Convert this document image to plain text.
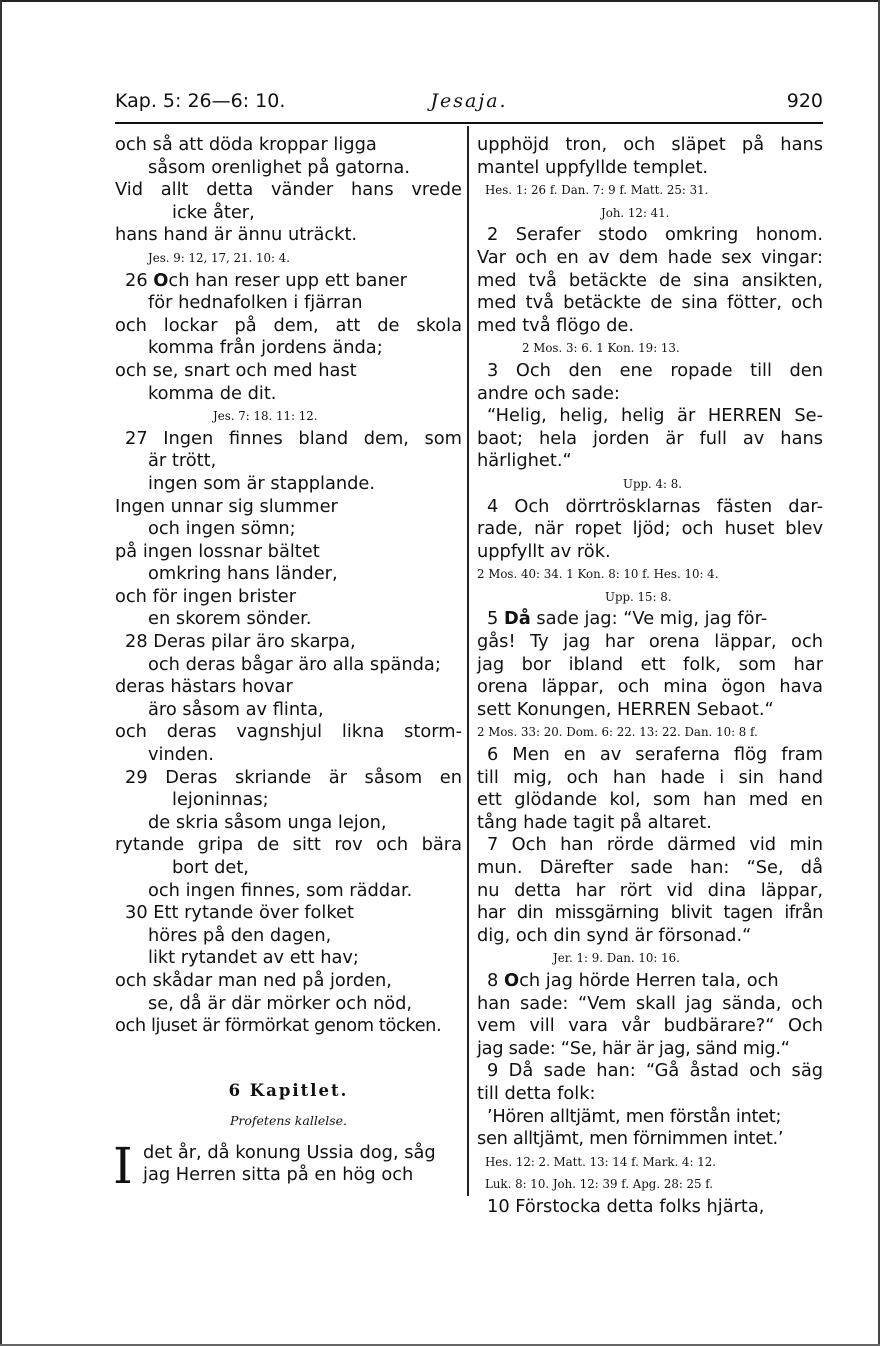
Kap. 5: 26—6: 10.	Jesaja.	920
och så att döda kroppar ligga
såsom orenlighet på gatorna.
Vid allt detta vänder hans vrede
icke åter,
hans hand är ännu uträckt.
Jes. 9: 12, 17, 21. 10: 4.
26 Och han reser upp ett baner
för hednafolken i fjärran
och lockar på dem, att de skola
komma från jordens ända;
och se, snart och med hast
komma de dit.
Jes. 7: 18. 11: 12.
27 Ingen finnes bland dem, som
är trött,
ingen som är stapplande.
Ingen unnar sig slummer
och ingen sömn;
på ingen lossnar bältet
omkring hans länder,
och för ingen brister
en skorem sönder.
28 Deras pilar äro skarpa,
och deras bågar äro alla spända;
deras hästars hovar
äro såsom av flinta,
och deras vagnshjul likna storm-
vinden.
29 Deras skriande är såsom en
lejoninnas;
de skria såsom unga lejon,
rytande gripa de sitt rov och bära
bort det,
och ingen finnes, som räddar.
30 Ett rytande över folket
höres på den dagen,
likt rytandet av ett hav;
och skådar man ned på jorden,
se, då är där mörker och nöd,
och ljuset är förmörkat genom töcken.
6 Kapitlet.
Profetens kallelse.
I det år, då konung Ussia dog, såg
jag Herren sitta på en hög och
upphöjd tron, och släpet på hans
mantel uppfyllde templet.
Hes. 1: 26 f. Dan. 7: 9 f. Matt. 25: 31.
Joh. 12: 41.
2 Serafer stodo omkring honom.
Var och en av dem hade sex vingar:
med två betäckte de sina ansikten,
med två betäckte de sina fötter, och
med två flögo de.
2 Mos. 3: 6. 1 Kon. 19: 13.
3 Och den ene ropade till den
andre och sade:
“Helig, helig, helig är HERREN Se-
baot; hela jorden är full av hans
härlighet.“
Upp. 4: 8.
4 Och dörrtrösklarnas fästen dar-
rade, när ropet ljöd; och huset blev
uppfyllt av rök.
2 Mos. 40: 34. 1 Kon. 8: 10 f. Hes. 10: 4.
Upp. 15: 8.
5 Då sade jag: “Ve mig, jag för-
gås! Ty jag har orena läppar, och
jag bor ibland ett folk, som har
orena läppar, och mina ögon hava
sett Konungen, HERREN Sebaot.“
2 Mos. 33: 20. Dom. 6: 22. 13: 22. Dan. 10: 8 f.
6 Men en av seraferna flög fram
till mig, och han hade i sin hand
ett glödande kol, som han med en
tång hade tagit på altaret.
7 Och han rörde därmed vid min
mun. Därefter sade han: “Se, då
nu detta har rört vid dina läppar,
har din missgärning blivit tagen ifrån
dig, och din synd är försonad.“
Jer. 1: 9. Dan. 10: 16.
8 Och jag hörde Herren tala, och
han sade: “Vem skall jag sända, och
vem vill vara vår budbärare?“ Och
jag sade: “Se, här är jag, sänd mig.“
9 Då sade han: “Gå åstad och säg
till detta folk:
’Hören alltjämt, men förstån intet;
sen alltjämt, men förnimmen intet.’
Hes. 12: 2. Matt. 13: 14 f. Mark. 4: 12.
Luk. 8: 10. Joh. 12: 39 f. Apg. 28: 25 f.
10 Förstocka detta folks hjärta,
